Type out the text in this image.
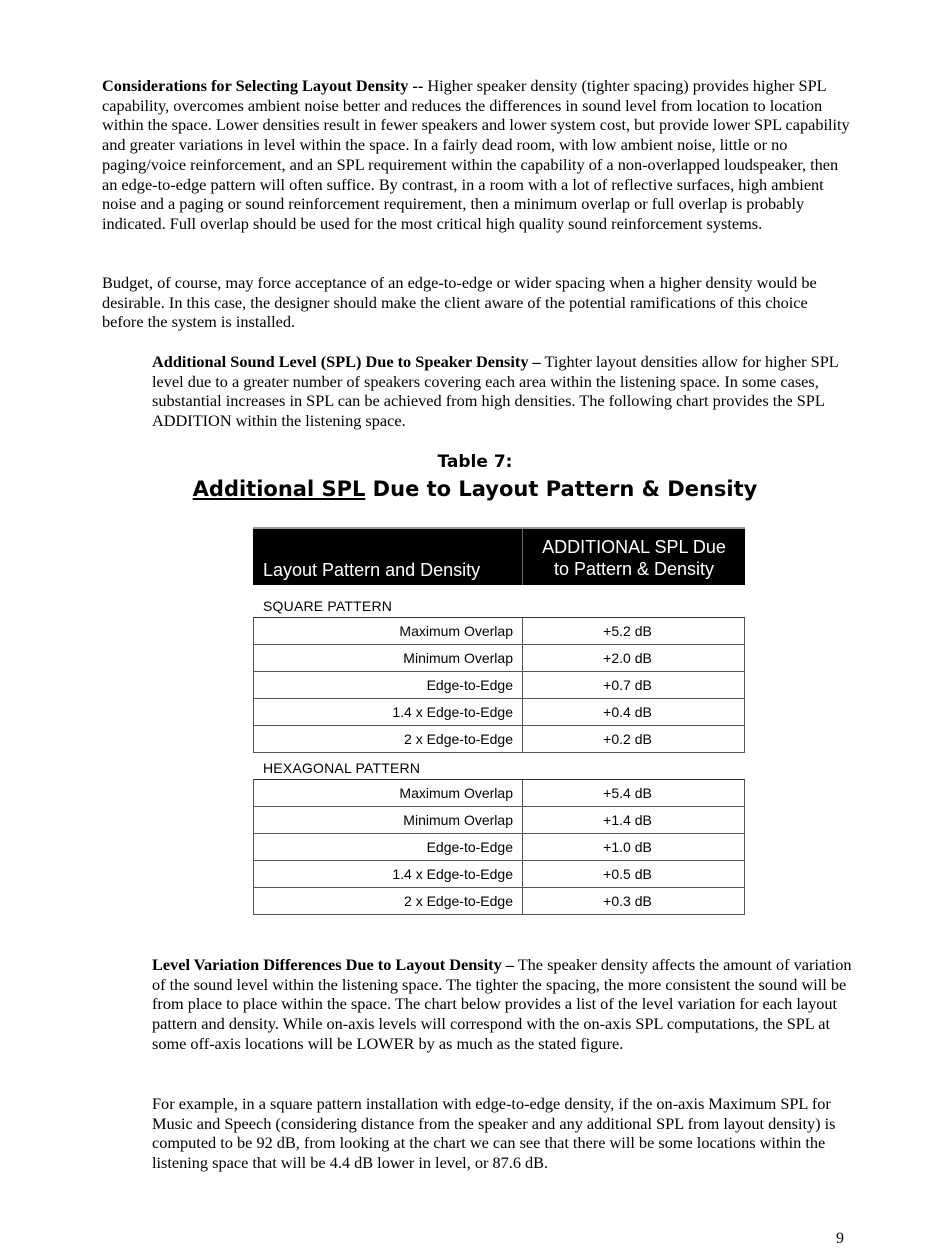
Considerations for Selecting Layout Density -- Higher speaker density (tighter spacing) provides higher SPL capability, overcomes ambient noise better and reduces the differences in sound level from location to location within the space. Lower densities result in fewer speakers and lower system cost, but provide lower SPL capability and greater variations in level within the space. In a fairly dead room, with low ambient noise, little or no paging/voice reinforcement, and an SPL requirement within the capability of a non-overlapped loudspeaker, then an edge-to-edge pattern will often suffice. By contrast, in a room with a lot of reflective surfaces, high ambient noise and a paging or sound reinforcement requirement, then a minimum overlap or full overlap is probably indicated. Full overlap should be used for the most critical high quality sound reinforcement systems.

Budget, of course, may force acceptance of an edge-to-edge or wider spacing when a higher density would be desirable. In this case, the designer should make the client aware of the potential ramifications of this choice before the system is installed.

Additional Sound Level (SPL) Due to Speaker Density – Tighter layout densities allow for higher SPL level due to a greater number of speakers covering each area within the listening space. In some cases, substantial increases in SPL can be achieved from high densities. The following chart provides the SPL ADDITION within the listening space.

Table 7:

Additional SPL Due to Layout Pattern & Density

Layout Pattern and Density
ADDITIONAL SPL Due
to Pattern & Density
SQUARE PATTERN
Maximum Overlap	+5.2 dB
Minimum Overlap	+2.0 dB
Edge-to-Edge	+0.7 dB
1.4 x Edge-to-Edge	+0.4 dB
2 x Edge-to-Edge	+0.2 dB
HEXAGONAL PATTERN
Maximum Overlap	+5.4 dB
Minimum Overlap	+1.4 dB
Edge-to-Edge	+1.0 dB
1.4 x Edge-to-Edge	+0.5 dB
2 x Edge-to-Edge	+0.3 dB

Level Variation Differences Due to Layout Density – The speaker density affects the amount of variation of the sound level within the listening space. The tighter the spacing, the more consistent the sound will be from place to place within the space. The chart below provides a list of the level variation for each layout pattern and density. While on-axis levels will correspond with the on-axis SPL computations, the SPL at some off-axis locations will be LOWER by as much as the stated figure.

For example, in a square pattern installation with edge-to-edge density, if the on-axis Maximum SPL for Music and Speech (considering distance from the speaker and any additional SPL from layout density) is computed to be 92 dB, from looking at the chart we can see that there will be some locations within the listening space that will be 4.4 dB lower in level, or 87.6 dB.

9
